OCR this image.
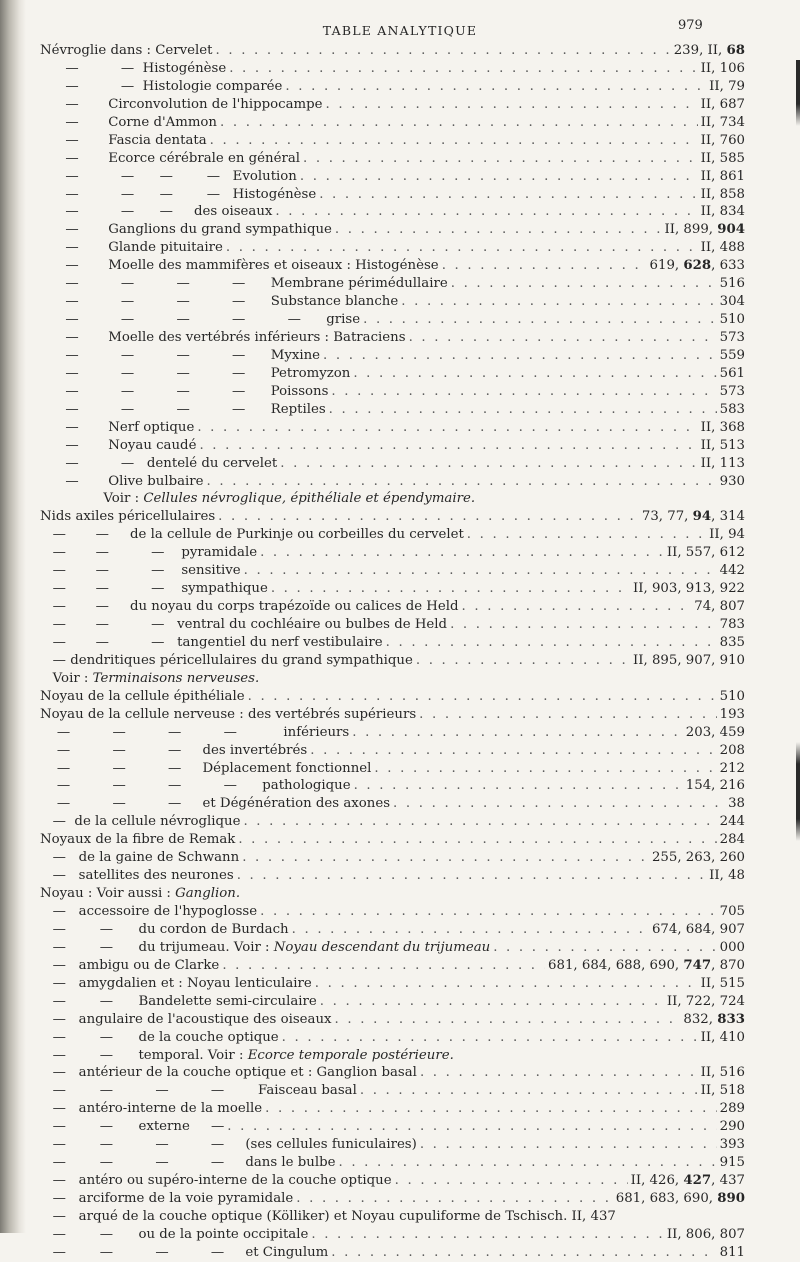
TABLE ANALYTIQUE	979
Névroglie dans : Cervelet . . .	239, II, 68
—          —  Histogénèse . . .	II, 106
—          —  Histologie comparée . . .	II, 79
—       Circonvolution de l'hippocampe . . .	II, 687
—       Corne d'Ammon . . .	II, 734
—       Fascia dentata . . .	II, 760
—       Ecorce cérébrale en général . . .	II, 585
—          —      —        —   Evolution . . .	II, 861
—          —      —        —   Histogénèse . . .	II, 858
—          —      —     des oiseaux . . .	II, 834
—       Ganglions du grand sympathique . . .	II, 899, 904
—       Glande pituitaire . . .	II, 488
—       Moelle des mammifères et oiseaux : Histogénèse . . .	619, 628, 633
—          —          —          —      Membrane périmédullaire . . .	516
—          —          —          —      Substance blanche . . .	304
—          —          —          —          —      grise . . .	510
—       Moelle des vertébrés inférieurs : Batraciens . . .	573
—          —          —          —      Myxine . . .	559
—          —          —          —      Petromyzon . . .	561
—          —          —          —      Poissons . . .	573
—          —          —          —      Reptiles . . .	583
—       Nerf optique . . .	II, 368
—       Noyau caudé . . .	II, 513
—          —   dentelé du cervelet . . .	II, 113
—       Olive bulbaire . . .	930
Voir : Cellules névroglique, épithéliale et épendymaire.
Nids axiles péricellulaires . . .	73, 77, 94, 314
—       —     de la cellule de Purkinje ou corbeilles du cervelet . . .	II, 94
—       —          —    pyramidale . . .	II, 557, 612
—       —          —    sensitive . . .	442
—       —          —    sympathique . . .	II, 903, 913, 922
—       —     du noyau du corps trapézoïde ou calices de Held . . .	74, 807
—       —          —   ventral du cochléaire ou bulbes de Held . . .	783
—       —          —   tangentiel du nerf vestibulaire . . .	835
— dendritiques péricellulaires du grand sympathique . . .	II, 895, 907, 910
Voir : Terminaisons nerveuses.
Noyau de la cellule épithéliale . . .	510
Noyau de la cellule nerveuse : des vertébrés supérieurs . . .	193
—          —          —          —           inférieurs . . .	203, 459
—          —          —     des invertébrés . . .	208
—          —          —     Déplacement fonctionnel . . .	212
—          —          —          —      pathologique . . .	154, 216
—          —          —     et Dégénération des axones . . .	38
—  de la cellule névroglique . . .	244
Noyaux de la fibre de Remak . . .	284
—   de la gaine de Schwann . . .	255, 263, 260
—   satellites des neurones . . .	II, 48
Noyau : Voir aussi : Ganglion.
—   accessoire de l'hypoglosse . . .	705
—        —      du cordon de Burdach . . .	674, 684, 907
—        —      du trijumeau. Voir : Noyau descendant du trijumeau . . .	000
—   ambigu ou de Clarke . . .	681, 684, 688, 690, 747, 870
—   amygdalien et : Noyau lenticulaire . . .	II, 515
—        —      Bandelette semi-circulaire . . .	II, 722, 724
—   angulaire de l'acoustique des oiseaux . . .	832, 833
—        —      de la couche optique . . .	II, 410
—        —      temporal. Voir : Ecorce temporale postérieure.
—   antérieur de la couche optique et : Ganglion basal . . .	II, 516
—        —          —          —        Faisceau basal . . .	II, 518
—   antéro-interne de la moelle . . .	289
—        —      externe     — . . .	290
—        —          —          —     (ses cellules funiculaires) . . .	393
—        —          —          —     dans le bulbe . . .	915
—   antéro ou supéro-interne de la couche optique . . .	II, 426, 427, 437
—   arciforme de la voie pyramidale . . .	681, 683, 690, 890
—   arqué de la couche optique (Kölliker) et Noyau cupuliforme de Tschisch. II, 437
—        —      ou de la pointe occipitale . . .	II, 806, 807
—        —          —          —     et Cingulum . . .	811
